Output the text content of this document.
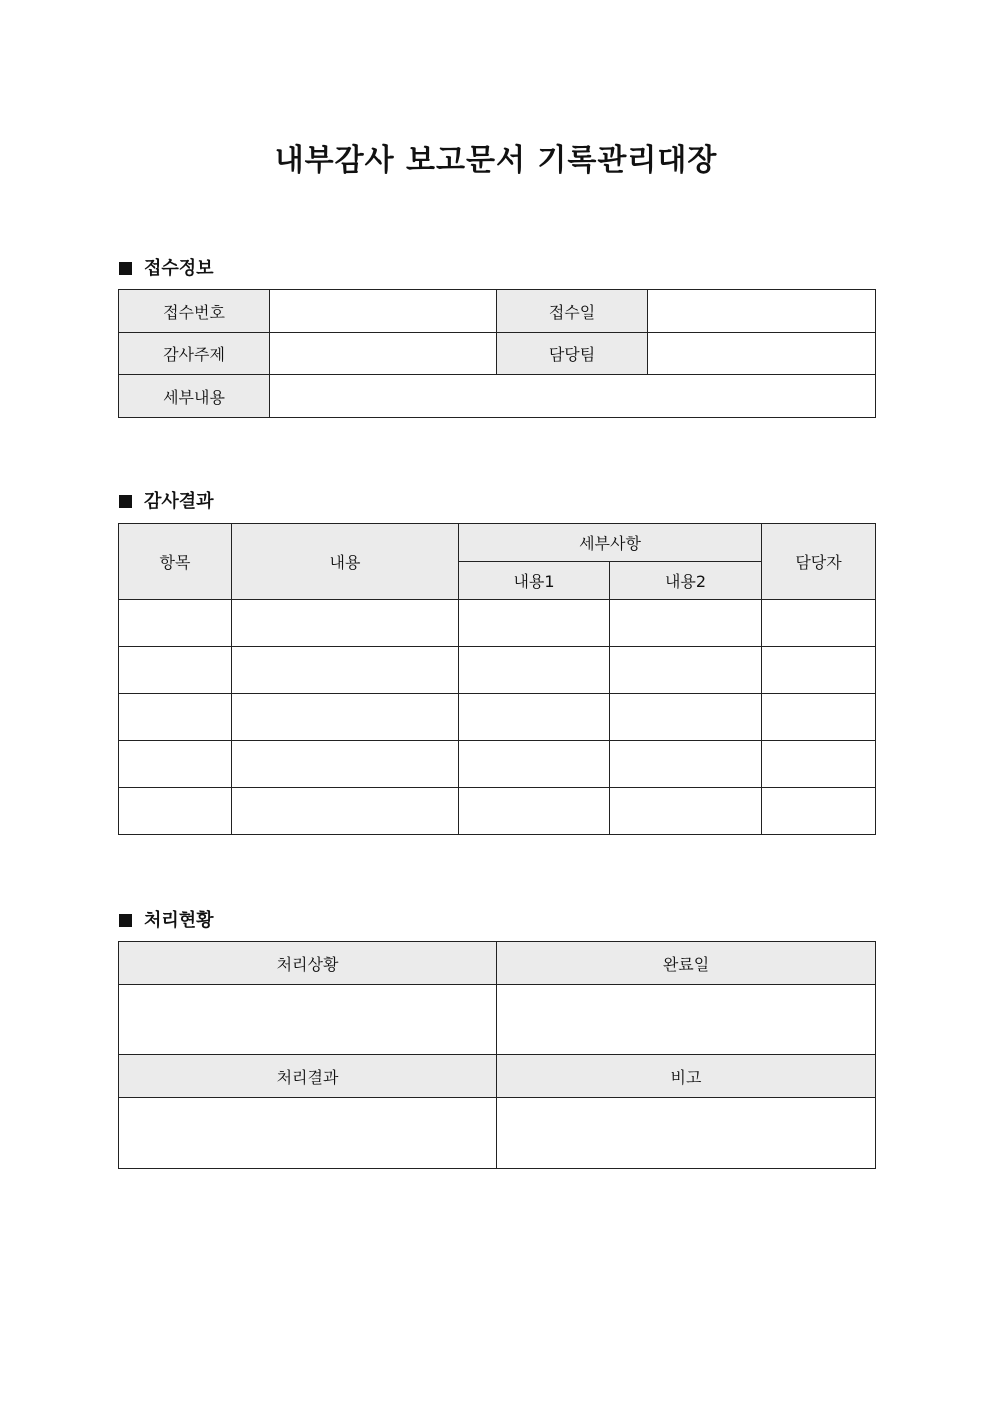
내부감사 보고문서 기록관리대장
접수정보
접수번호		접수일	
감사주제		담당팀	
세부내용			
감사결과
항목	내용	세부사항		담당자
		내용1	내용2	

처리현황
처리상황	완료일

처리결과	비고
